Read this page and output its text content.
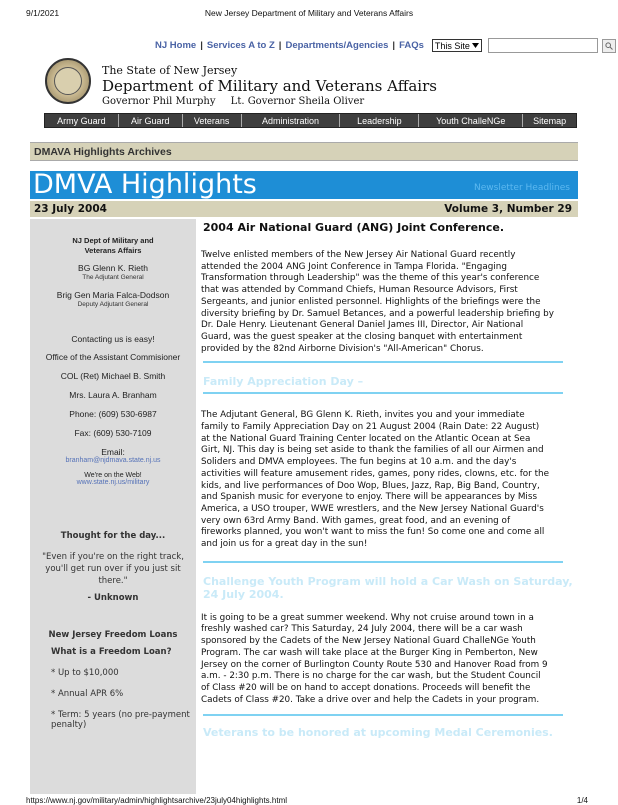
9/1/2021	New Jersey Department of Military and Veterans Affairs
NJ Home | Services A to Z | Departments/Agencies | FAQs This Site
The State of New Jersey
Department of Military and Veterans Affairs
Governor Phil Murphy Lt. Governor Sheila Oliver
Army Guard	Air Guard	Veterans	Administration	Leadership	Youth ChalleNGe	Sitemap
DMAVA Highlights Archives
DMVA Highlights	Newsletter Headlines
23 July 2004	Volume 3, Number 29
NJ Dept of Military and
Veterans Affairs
BG Glenn K. Rieth
The Adjutant General
Brig Gen Maria Falca-Dodson
Deputy Adjutant General
Contacting us is easy!
Office of the Assistant Commisioner
COL (Ret) Michael B. Smith
Mrs. Laura A. Branham
Phone: (609) 530-6987
Fax: (609) 530-7109
Email:
branham@njdmava.state.nj.us
We're on the Web!
www.state.nj.us/military
Thought for the day...
"Even if you're on the right track,
you'll get run over if you just sit
there."
- Unknown
New Jersey Freedom Loans
What is a Freedom Loan?
* Up to $10,000
* Annual APR 6%
* Term: 5 years (no pre-payment
penalty)
2004 Air National Guard (ANG) Joint Conference.

Twelve enlisted members of the New Jersey Air National Guard recently

attended the 2004 ANG Joint Conference in Tampa Florida. "Engaging

Transformation through Leadership" was the theme of this year's conference

that was attended by Command Chiefs, Human Resource Advisors, First

Sergeants, and junior enlisted personnel. Highlights of the briefings were the

diversity briefing by Dr. Samuel Betances, and a powerful leadership briefing by

Dr. Dale Henry. Lieutenant General Daniel James III, Director, Air National

Guard, was the guest speaker at the closing banquet with entertainment

provided by the 82nd Airborne Division's "All-American" Chorus.

Family Appreciation Day –

The Adjutant General, BG Glenn K. Rieth, invites you and your immediate

family to Family Appreciation Day on 21 August 2004 (Rain Date: 22 August)

at the National Guard Training Center located on the Atlantic Ocean at Sea

Girt, NJ. This day is being set aside to thank the families of all our Airmen and

Soliders and DMVA employees. The fun begins at 10 a.m. and the day's

activities will feature amusement rides, games, pony rides, clowns, etc. for the

kids, and live performances of Doo Wop, Blues, Jazz, Rap, Big Band, Country,

and Spanish music for everyone to enjoy. There will be appearances by Miss

America, a USO trouper, WWE wrestlers, and the New Jersey National Guard's

very own 63rd Army Band. With games, great food, and an evening of

fireworks planned, you won't want to miss the fun! So come one and come all

and join us for a great day in the sun!

Challenge Youth Program will hold a Car Wash on Saturday,
24 July 2004.

It is going to be a great summer weekend. Why not cruise around town in a

freshly washed car? This Saturday, 24 July 2004, there will be a car wash

sponsored by the Cadets of the New Jersey National Guard ChalleNGe Youth

Program. The car wash will take place at the Burger King in Pemberton, New

Jersey on the corner of Burlington County Route 530 and Hanover Road from 9

a.m. - 2:30 p.m. There is no charge for the car wash, but the Student Council

of Class #20 will be on hand to accept donations. Proceeds will benefit the

Cadets of Class #20. Take a drive over and help the Cadets in your program.

Veterans to be honored at upcoming Medal Ceremonies.
https://www.nj.gov/military/admin/highlightsarchive/23july04highlights.html	1/4
